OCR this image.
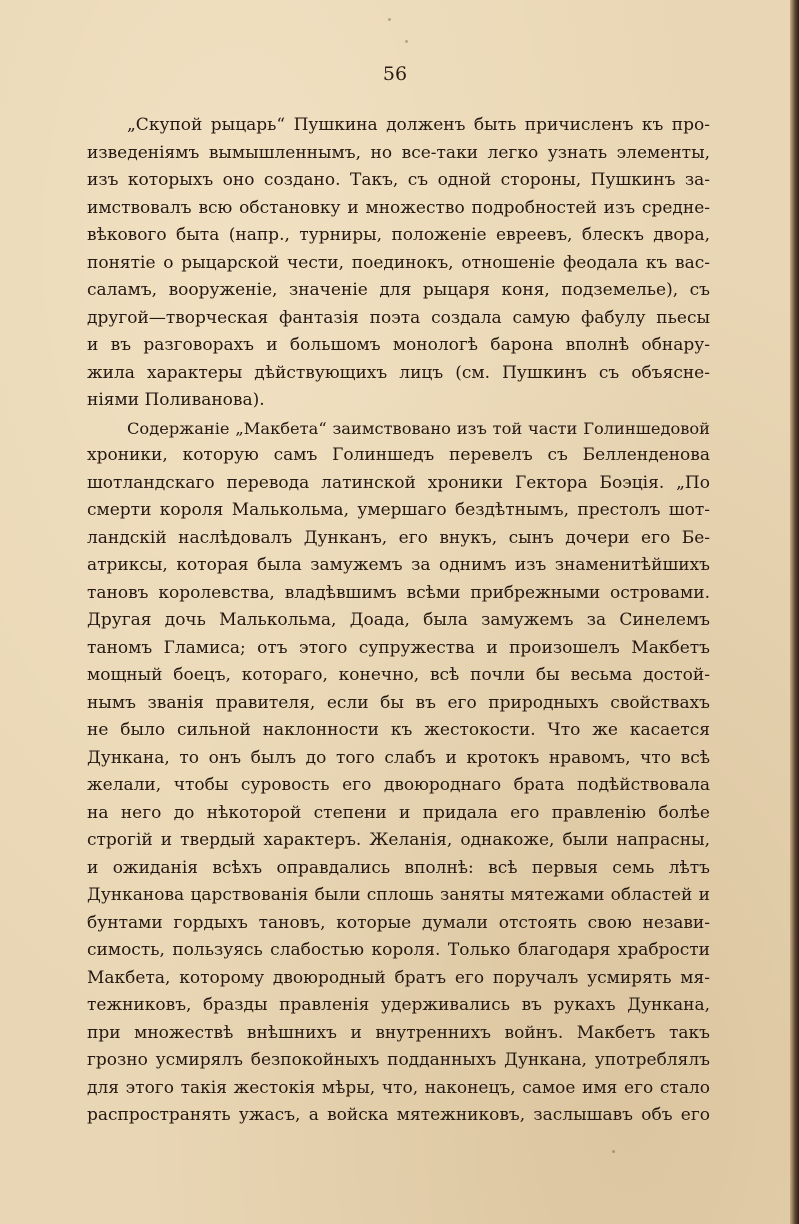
56

„Скупой рыцарь“ Пушкина долженъ быть причисленъ къ про-
изведеніямъ вымышленнымъ, но все-таки легко узнать элементы,
изъ которыхъ оно создано. Такъ, съ одной стороны, Пушкинъ за-
имствовалъ всю обстановку и множество подробностей изъ средне-
вѣкового быта (напр., турниры, положеніе евреевъ, блескъ двора,
понятіе о рыцарской чести, поединокъ, отношеніе феодала къ вас-
саламъ, вооруженіе, значеніе для рыцаря коня, подземелье), съ
другой—творческая фантазія поэта создала самую фабулу пьесы
и въ разговорахъ и большомъ монологѣ барона вполнѣ обнару-
жила характеры дѣйствующихъ лицъ (см. Пушкинъ съ объясне-
ніями Поливанова).
Содержаніе „Макбета“ заимствовано изъ той части Голиншедовой
хроники, которую самъ Голиншедъ перевелъ съ Белленденова
шотландскаго перевода латинской хроники Гектора Боэція. „По
смерти короля Малькольма, умершаго бездѣтнымъ, престолъ шот-
ландскій наслѣдовалъ Дунканъ, его внукъ, сынъ дочери его Бе-
атриксы, которая была замужемъ за однимъ изъ знаменитѣйшихъ
тановъ королевства, владѣвшимъ всѣми прибрежными островами.
Другая дочь Малькольма, Доада, была замужемъ за Синелемъ
таномъ Гламиса; отъ этого супружества и произошелъ Макбетъ
мощный боецъ, котораго, конечно, всѣ почли бы весьма достой-
нымъ званія правителя, если бы въ его природныхъ свойствахъ
не было сильной наклонности къ жестокости. Что же касается
Дункана, то онъ былъ до того слабъ и кротокъ нравомъ, что всѣ
желали, чтобы суровость его двоюроднаго брата подѣйствовала
на него до нѣкоторой степени и придала его правленію болѣе
строгій и твердый характеръ. Желанія, однакоже, были напрасны,
и ожиданія всѣхъ оправдались вполнѣ: всѣ первыя семь лѣтъ
Дунканова царствованія были сплошь заняты мятежами областей и
бунтами гордыхъ тановъ, которые думали отстоять свою незави-
симость, пользуясь слабостью короля. Только благодаря храбрости
Макбета, которому двоюродный братъ его поручалъ усмирять мя-
тежниковъ, бразды правленія удерживались въ рукахъ Дункана,
при множествѣ внѣшнихъ и внутреннихъ войнъ. Макбетъ такъ
грозно усмирялъ безпокойныхъ подданныхъ Дункана, употреблялъ
для этого такія жестокія мѣры, что, наконецъ, самое имя его стало
распространять ужасъ, а войска мятежниковъ, заслышавъ объ его
